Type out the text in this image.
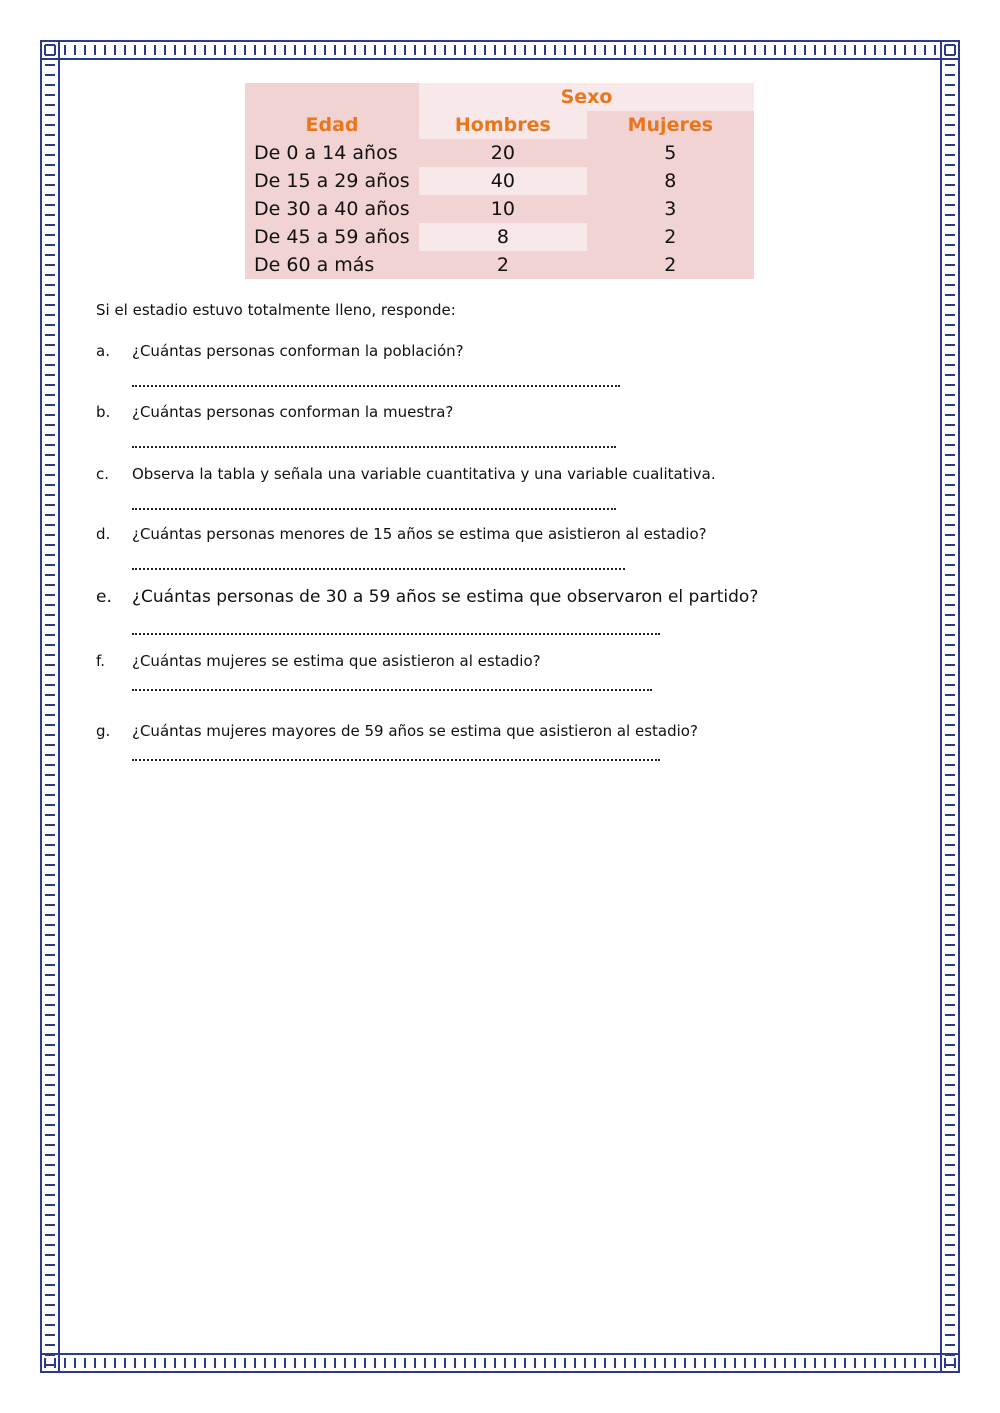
	Sexo	
Edad	Hombres	Mujeres
De 0 a 14 años	20	5
De 15 a 29 años	40	8
De 30 a 40 años	10	3
De 45 a 59 años	8	2
De 60 a más	2	2
Si el estadio estuvo totalmente lleno, responde:
a. ¿Cuántas personas conforman la población?
b. ¿Cuántas personas conforman la muestra?
c. Observa la tabla y señala una variable cuantitativa y una variable cualitativa.
d. ¿Cuántas personas menores de 15 años se estima que asistieron al estadio?
e. ¿Cuántas personas de 30 a 59 años se estima que observaron el partido?
f. ¿Cuántas mujeres se estima que asistieron al estadio?
g. ¿Cuántas mujeres mayores de 59 años se estima que asistieron al estadio?
